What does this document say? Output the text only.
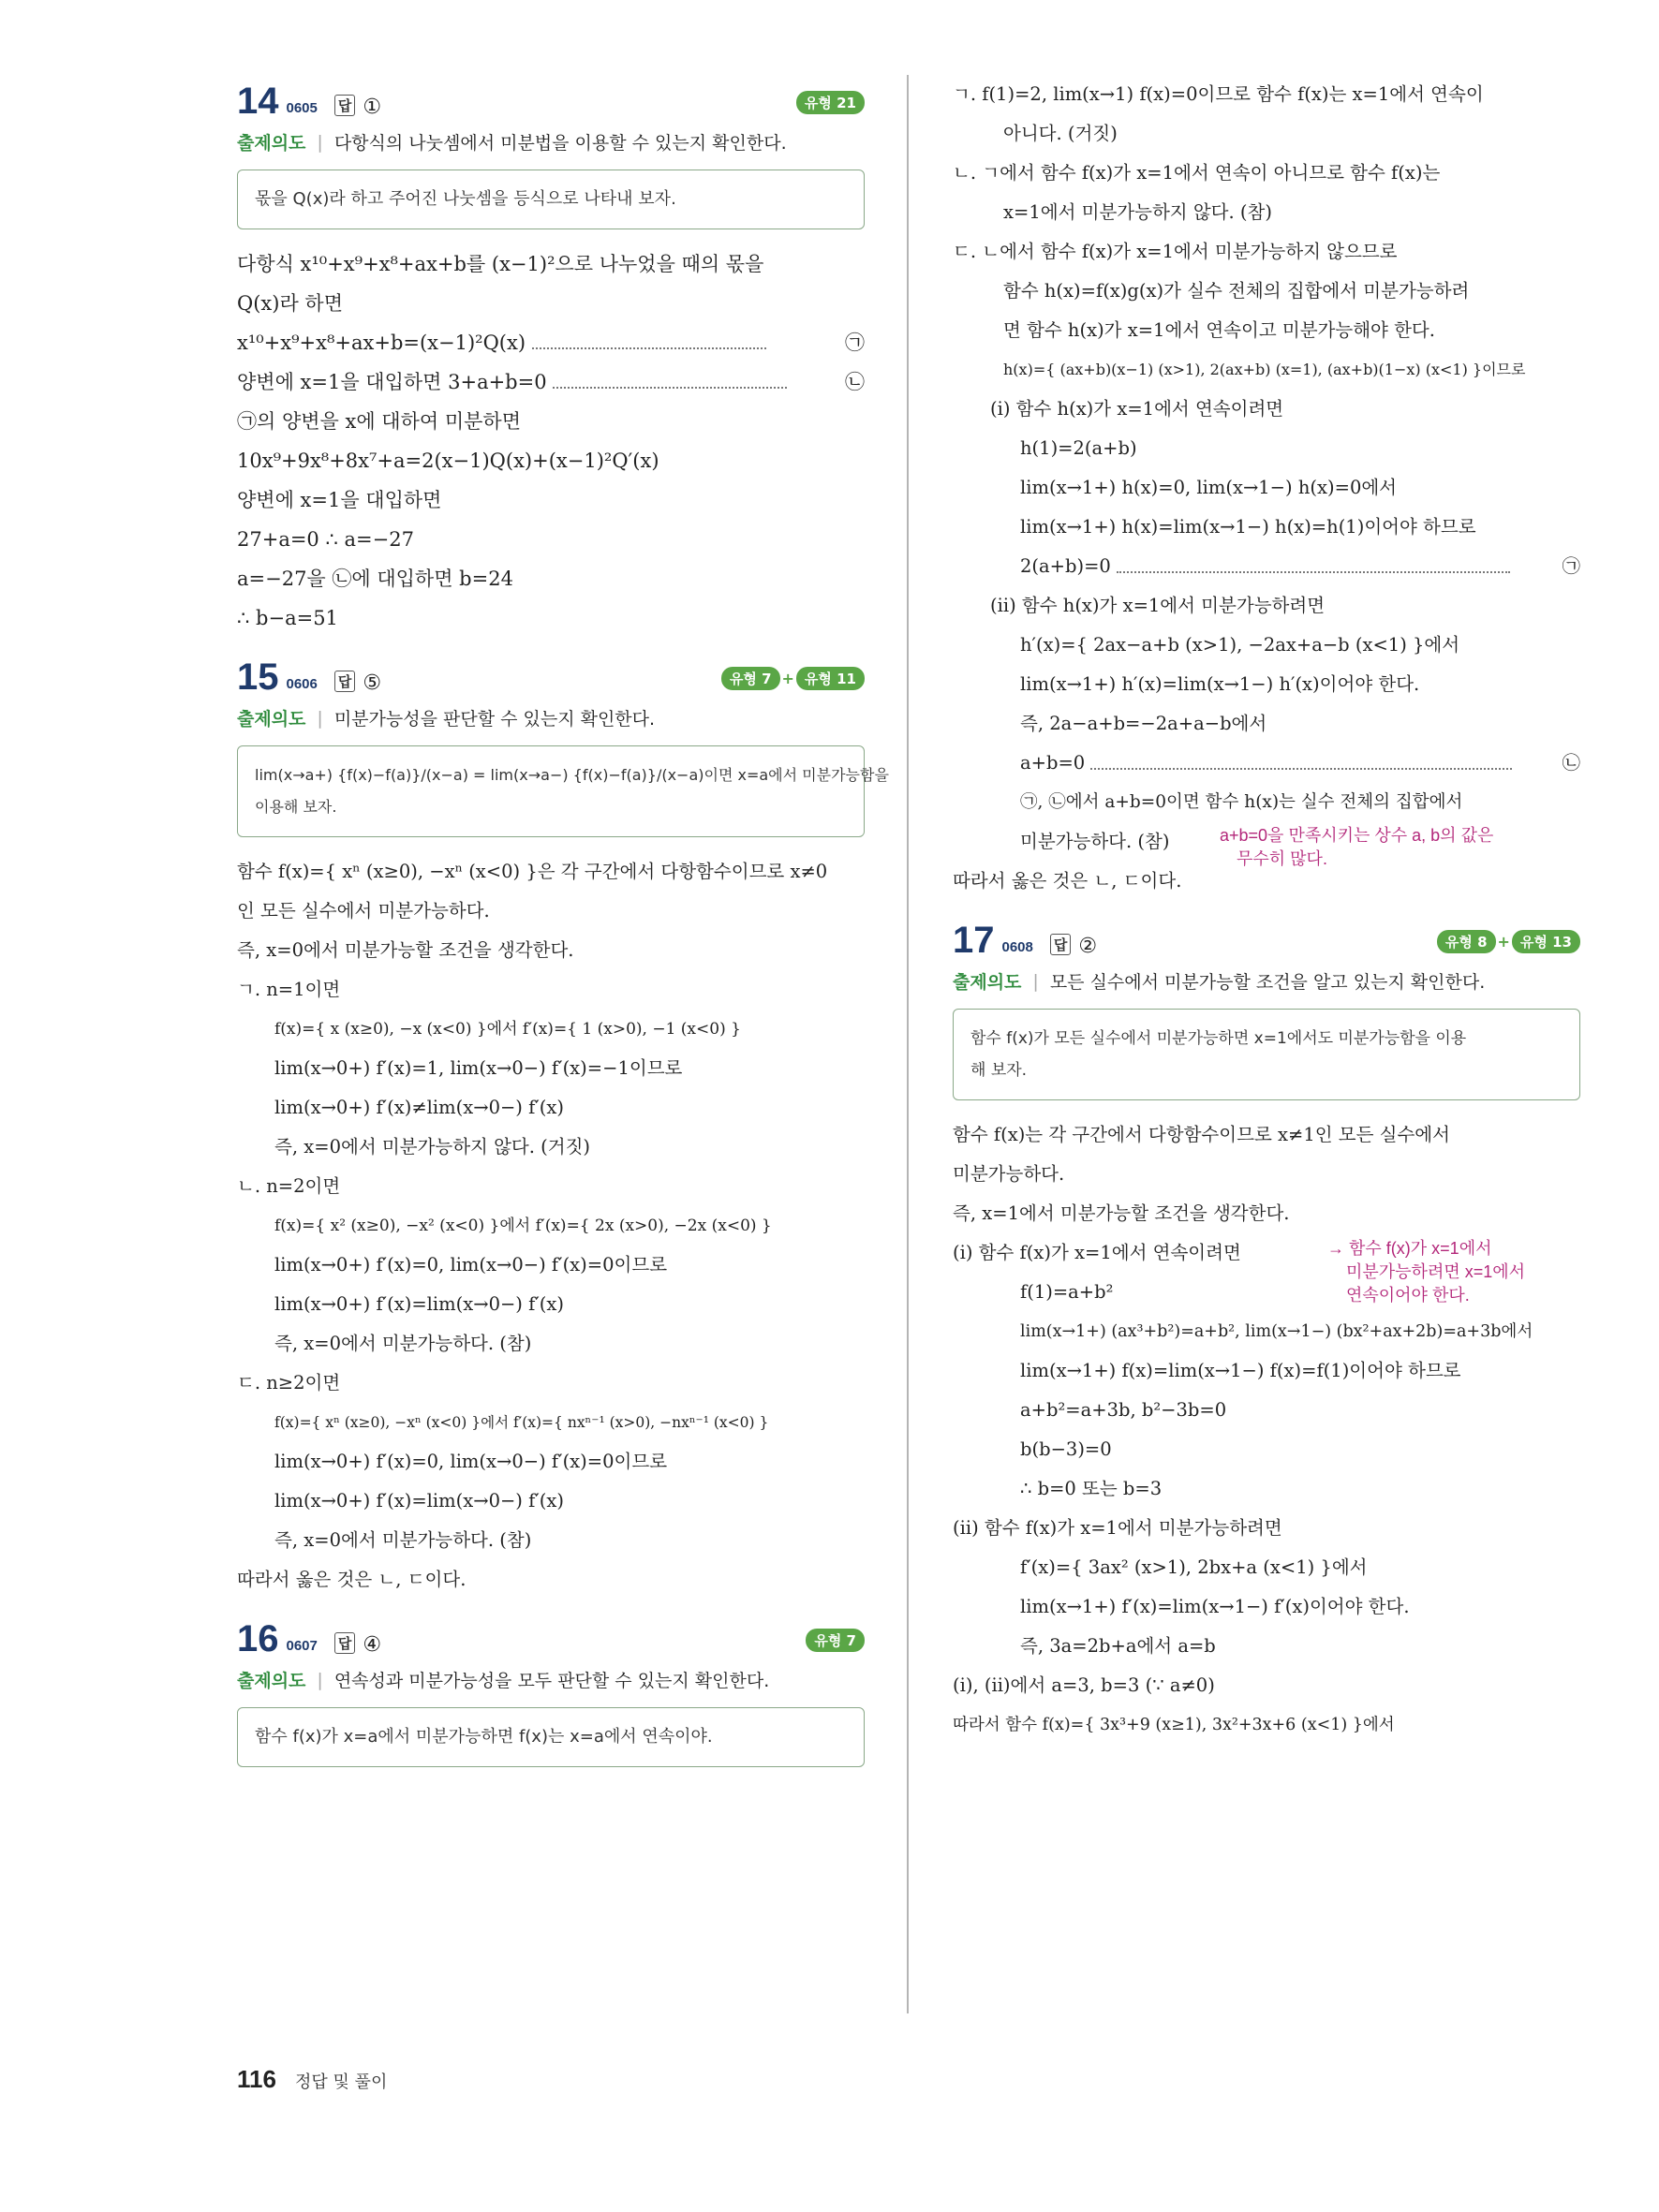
14 0605 답 ①	유형 21
출제의도 | 다항식의 나눗셈에서 미분법을 이용할 수 있는지 확인한다.
몫을 Q(x)라 하고 주어진 나눗셈을 등식으로 나타내 보자.
다항식 x¹⁰+x⁹+x⁸+ax+b를 (x−1)²으로 나누었을 때의 몫을
Q(x)라 하면
x¹⁰+x⁹+x⁸+ax+b=(x−1)²Q(x)	㉠
양변에 x=1을 대입하면 3+a+b=0	㉡
㉠의 양변을 x에 대하여 미분하면
10x⁹+9x⁸+8x⁷+a=2(x−1)Q(x)+(x−1)²Q′(x)
양변에 x=1을 대입하면
27+a=0 ∴ a=−27
a=−27을 ㉡에 대입하면 b=24
∴ b−a=51
15 0606 답 ⑤	유형 7 + 유형 11
출제의도 | 미분가능성을 판단할 수 있는지 확인한다.
lim(x→a+) {f(x)−f(a)}/(x−a) = lim(x→a−) {f(x)−f(a)}/(x−a)이면 x=a에서 미분가능함을
이용해 보자.
함수 f(x)={ xⁿ (x≥0), −xⁿ (x<0) }은 각 구간에서 다항함수이므로 x≠0
인 모든 실수에서 미분가능하다.
즉, x=0에서 미분가능할 조건을 생각한다.
ㄱ. n=1이면
f(x)={ x (x≥0), −x (x<0) }에서 f′(x)={ 1 (x>0), −1 (x<0) }
lim(x→0+) f′(x)=1, lim(x→0−) f′(x)=−1이므로
lim(x→0+) f′(x)≠lim(x→0−) f′(x)
즉, x=0에서 미분가능하지 않다. (거짓)
ㄴ. n=2이면
f(x)={ x² (x≥0), −x² (x<0) }에서 f′(x)={ 2x (x>0), −2x (x<0) }
lim(x→0+) f′(x)=0, lim(x→0−) f′(x)=0이므로
lim(x→0+) f′(x)=lim(x→0−) f′(x)
즉, x=0에서 미분가능하다. (참)
ㄷ. n≥2이면
f(x)={ xⁿ (x≥0), −xⁿ (x<0) }에서 f′(x)={ nxⁿ⁻¹ (x>0), −nxⁿ⁻¹ (x<0) }
lim(x→0+) f′(x)=0, lim(x→0−) f′(x)=0이므로
lim(x→0+) f′(x)=lim(x→0−) f′(x)
즉, x=0에서 미분가능하다. (참)
따라서 옳은 것은 ㄴ, ㄷ이다.
16 0607 답 ④	유형 7
출제의도 | 연속성과 미분가능성을 모두 판단할 수 있는지 확인한다.
함수 f(x)가 x=a에서 미분가능하면 f(x)는 x=a에서 연속이야.
ㄱ. f(1)=2, lim(x→1) f(x)=0이므로 함수 f(x)는 x=1에서 연속이
아니다. (거짓)
ㄴ. ㄱ에서 함수 f(x)가 x=1에서 연속이 아니므로 함수 f(x)는
x=1에서 미분가능하지 않다. (참)
ㄷ. ㄴ에서 함수 f(x)가 x=1에서 미분가능하지 않으므로
함수 h(x)=f(x)g(x)가 실수 전체의 집합에서 미분가능하려
면 함수 h(x)가 x=1에서 연속이고 미분가능해야 한다.
h(x)={ (ax+b)(x−1) (x>1), 2(ax+b) (x=1), (ax+b)(1−x) (x<1) }이므로
(ⅰ) 함수 h(x)가 x=1에서 연속이려면
h(1)=2(a+b)
lim(x→1+) h(x)=0, lim(x→1−) h(x)=0에서
lim(x→1+) h(x)=lim(x→1−) h(x)=h(1)이어야 하므로
2(a+b)=0	㉠
(ⅱ) 함수 h(x)가 x=1에서 미분가능하려면
h′(x)={ 2ax−a+b (x>1), −2ax+a−b (x<1) }에서
lim(x→1+) h′(x)=lim(x→1−) h′(x)이어야 한다.
즉, 2a−a+b=−2a+a−b에서
a+b=0	㉡
㉠, ㉡에서 a+b=0이면 함수 h(x)는 실수 전체의 집합에서
미분가능하다. (참)	a+b=0을 만족시키는 상수 a, b의 값은
무수히 많다.
따라서 옳은 것은 ㄴ, ㄷ이다.
17 0608 답 ②	유형 8 + 유형 13
출제의도 | 모든 실수에서 미분가능할 조건을 알고 있는지 확인한다.
함수 f(x)가 모든 실수에서 미분가능하면 x=1에서도 미분가능함을 이용
해 보자.
함수 f(x)는 각 구간에서 다항함수이므로 x≠1인 모든 실수에서
미분가능하다.
즉, x=1에서 미분가능할 조건을 생각한다.
(ⅰ) 함수 f(x)가 x=1에서 연속이려면	→ 함수 f(x)가 x=1에서
미분가능하려면 x=1에서
연속이어야 한다.
f(1)=a+b²
lim(x→1+) (ax³+b²)=a+b², lim(x→1−) (bx²+ax+2b)=a+3b에서
lim(x→1+) f(x)=lim(x→1−) f(x)=f(1)이어야 하므로
a+b²=a+3b, b²−3b=0
b(b−3)=0
∴ b=0 또는 b=3
(ⅱ) 함수 f(x)가 x=1에서 미분가능하려면
f′(x)={ 3ax² (x>1), 2bx+a (x<1) }에서
lim(x→1+) f′(x)=lim(x→1−) f′(x)이어야 한다.
즉, 3a=2b+a에서 a=b
(ⅰ), (ⅱ)에서 a=3, b=3 (∵ a≠0)
따라서 함수 f(x)={ 3x³+9 (x≥1), 3x²+3x+6 (x<1) }에서
116 정답 및 풀이
